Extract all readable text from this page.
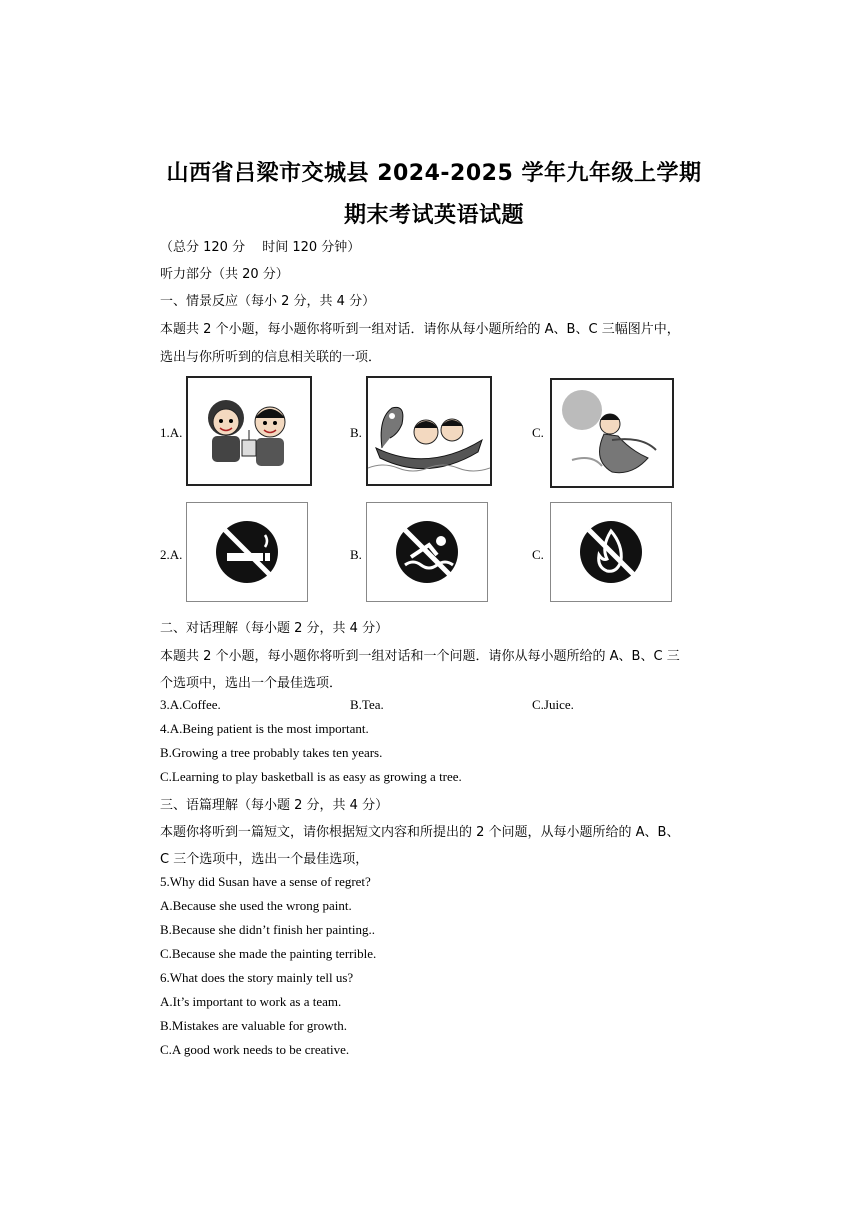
山西省吕梁市交城县 2024-2025 学年九年级上学期
期末考试英语试题
（总分 120 分　 时间 120 分钟）
听力部分（共 20 分）
一、情景反应（每小 2 分，共 4 分）
本题共 2 个小题，每小题你将听到一组对话．请你从每小题所给的 A、B、C 三幅图片中，
选出与你所听到的信息相关联的一项．
1.A.	B.	C.
2.A.	B.	C.
二、对话理解（每小题 2 分，共 4 分）
本题共 2 个小题，每小题你将听到一组对话和一个问题．请你从每小题所给的 A、B、C 三
个选项中，选出一个最佳选项．
3.A.Coffee.	B.Tea.	C.Juice.
4.A.Being patient is the most important.
B.Growing a tree probably takes ten years.
C.Learning to play basketball is as easy as growing a tree.
三、语篇理解（每小题 2 分，共 4 分）
本题你将听到一篇短文，请你根据短文内容和所提出的 2 个问题，从每小题所给的 A、B、
C 三个选项中，选出一个最佳选项，
5.Why did Susan have a sense of regret?
A.Because she used the wrong paint.
B.Because she didn’t finish her painting..
C.Because she made the painting terrible.
6.What does the story mainly tell us?
A.It’s important to work as a team.
B.Mistakes are valuable for growth.
C.A good work needs to be creative.
